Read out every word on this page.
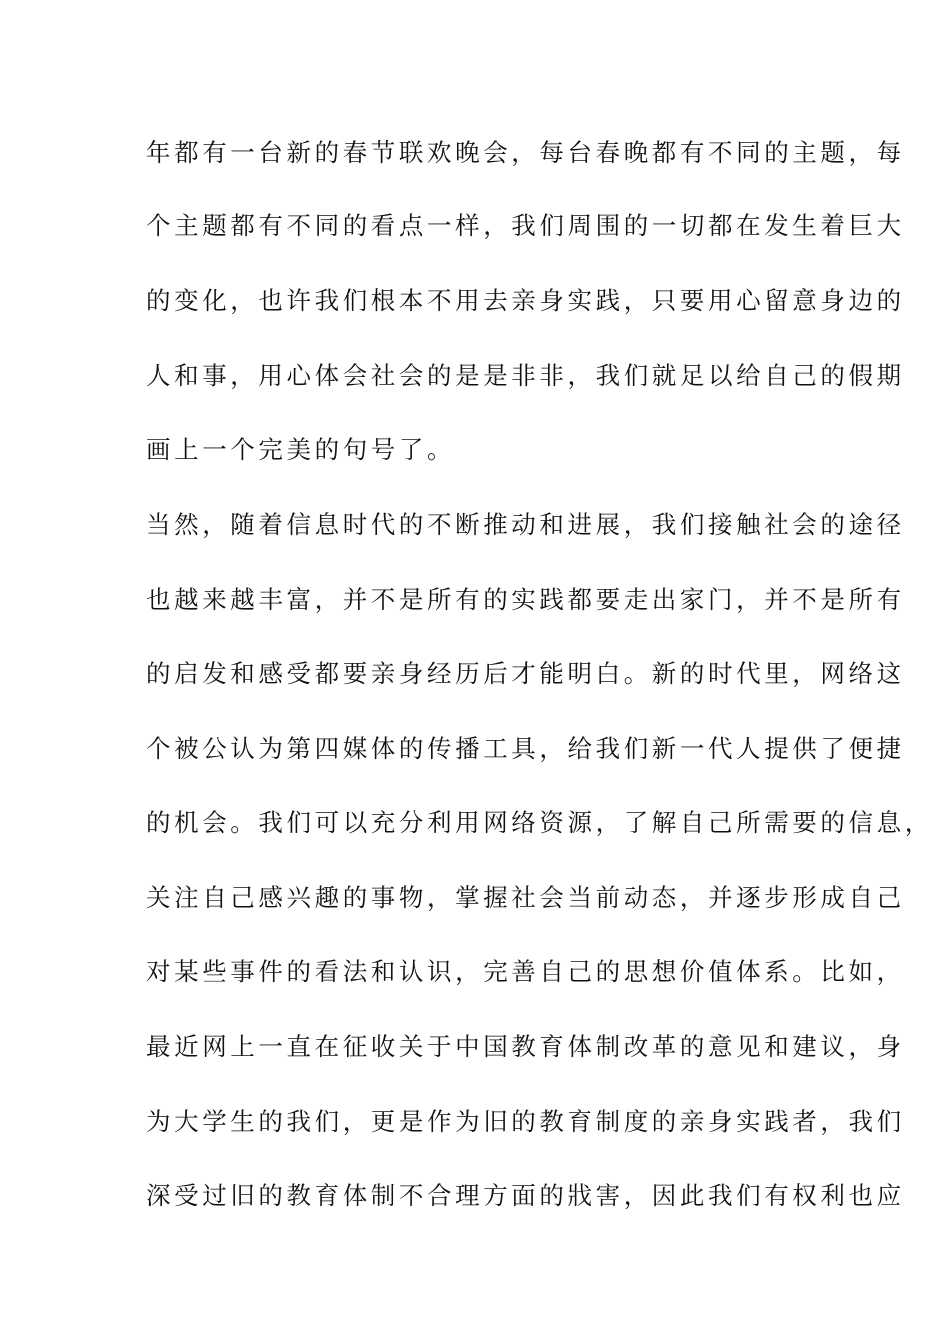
年都有一台新的春节联欢晚会，每台春晚都有不同的主题，每
个主题都有不同的看点一样，我们周围的一切都在发生着巨大
的变化，也许我们根本不用去亲身实践，只要用心留意身边的
人和事，用心体会社会的是是非非，我们就足以给自己的假期
画上一个完美的句号了。
当然，随着信息时代的不断推动和进展，我们接触社会的途径
也越来越丰富，并不是所有的实践都要走出家门，并不是所有
的启发和感受都要亲身经历后才能明白。新的时代里，网络这
个被公认为第四媒体的传播工具，给我们新一代人提供了便捷
的机会。我们可以充分利用网络资源，了解自己所需要的信息，
关注自己感兴趣的事物，掌握社会当前动态，并逐步形成自己
对某些事件的看法和认识，完善自己的思想价值体系。比如，
最近网上一直在征收关于中国教育体制改革的意见和建议，身
为大学生的我们，更是作为旧的教育制度的亲身实践者，我们
深受过旧的教育体制不合理方面的戕害，因此我们有权利也应
